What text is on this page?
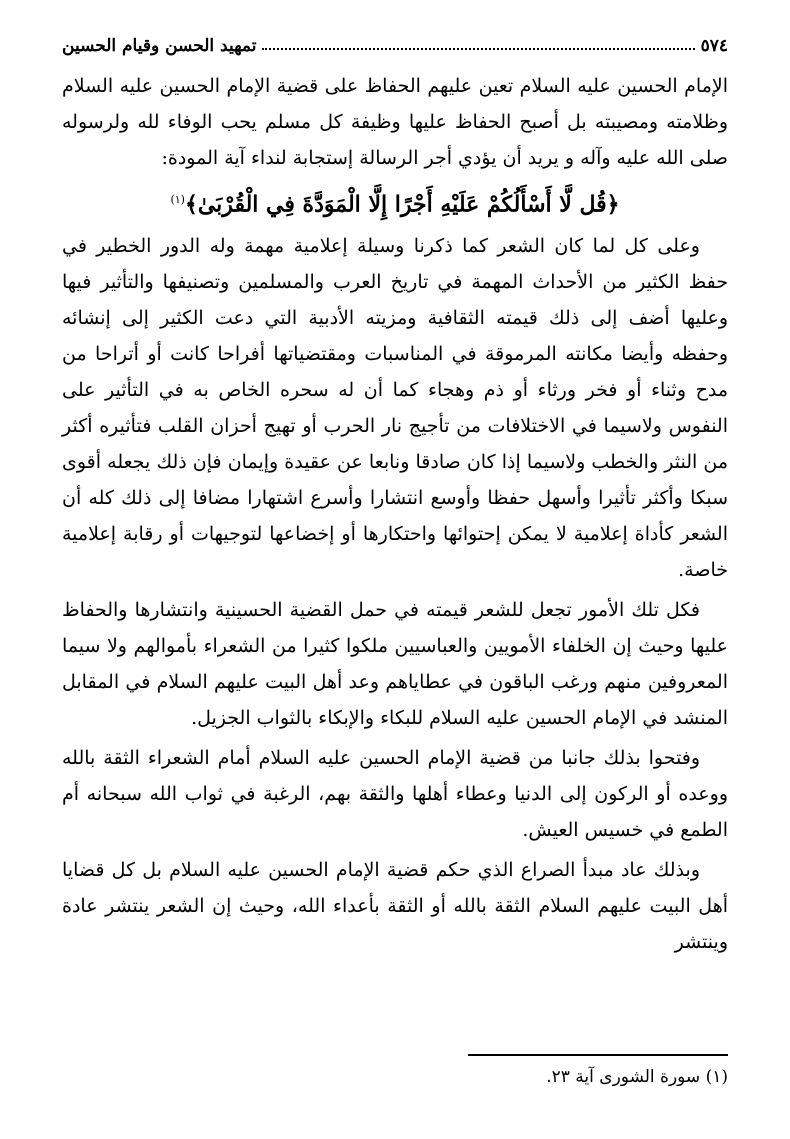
٥٧٤
تمهيد الحسن وقيام الحسين

الإمام الحسين عليه السلام تعين عليهم الحفاظ على قضية الإمام الحسين عليه السلام وظلامته ومصيبته بل أصبح الحفاظ عليها وظيفة كل مسلم يحب الوفاء لله ولرسوله صلى الله عليه وآله و يريد أن يؤدي أجر الرسالة إستجابة لنداء آية المودة:

﴿قُل لَّا أَسْأَلُكُمْ عَلَيْهِ أَجْرًا إِلَّا الْمَوَدَّةَ فِي الْقُرْبَىٰ﴾$^{(١)}$

وعلى كل لما كان الشعر كما ذكرنا وسيلة إعلامية مهمة وله الدور الخطير في حفظ الكثير من الأحداث المهمة في تاريخ العرب والمسلمين وتصنيفها والتأثير فيها وعليها أضف إلى ذلك قيمته الثقافية ومزيته الأدبية التي دعت الكثير إلى إنشائه وحفظه وأيضا مكانته المرموقة في المناسبات ومقتضياتها أفراحا كانت أو أتراحا من مدح وثناء أو فخر ورثاء أو ذم وهجاء كما أن له سحره الخاص به في التأثير على النفوس ولاسيما في الاختلافات من تأجيج نار الحرب أو تهيج أحزان القلب فتأثيره أكثر من النثر والخطب ولاسيما إذا كان صادقا ونابعا عن عقيدة وإيمان فإن ذلك يجعله أقوى سبكا وأكثر تأثيرا وأسهل حفظا وأوسع انتشارا وأسرع اشتهارا مضافا إلى ذلك كله أن الشعر كأداة إعلامية لا يمكن إحتوائها واحتكارها أو إخضاعها لتوجيهات أو رقابة إعلامية خاصة.

فكل تلك الأمور تجعل للشعر قيمته في حمل القضية الحسينية وانتشارها والحفاظ عليها وحيث إن الخلفاء الأمويين والعباسيين ملكوا كثيرا من الشعراء بأموالهم ولا سيما المعروفين منهم ورغب الباقون في عطاياهم وعد أهل البيت عليهم السلام في المقابل المنشد في الإمام الحسين عليه السلام للبكاء والإبكاء بالثواب الجزيل.

وفتحوا بذلك جانبا من قضية الإمام الحسين عليه السلام أمام الشعراء الثقة بالله ووعده أو الركون إلى الدنيا وعطاء أهلها والثقة بهم، الرغبة في ثواب الله سبحانه أم الطمع في خسيس العيش.

وبذلك عاد مبدأ الصراع الذي حكم قضية الإمام الحسين عليه السلام بل كل قضايا أهل البيت عليهم السلام الثقة بالله أو الثقة بأعداء الله، وحيث إن الشعر ينتشر عادة وينتشر

(١) سورة الشورى آية ٢٣.
